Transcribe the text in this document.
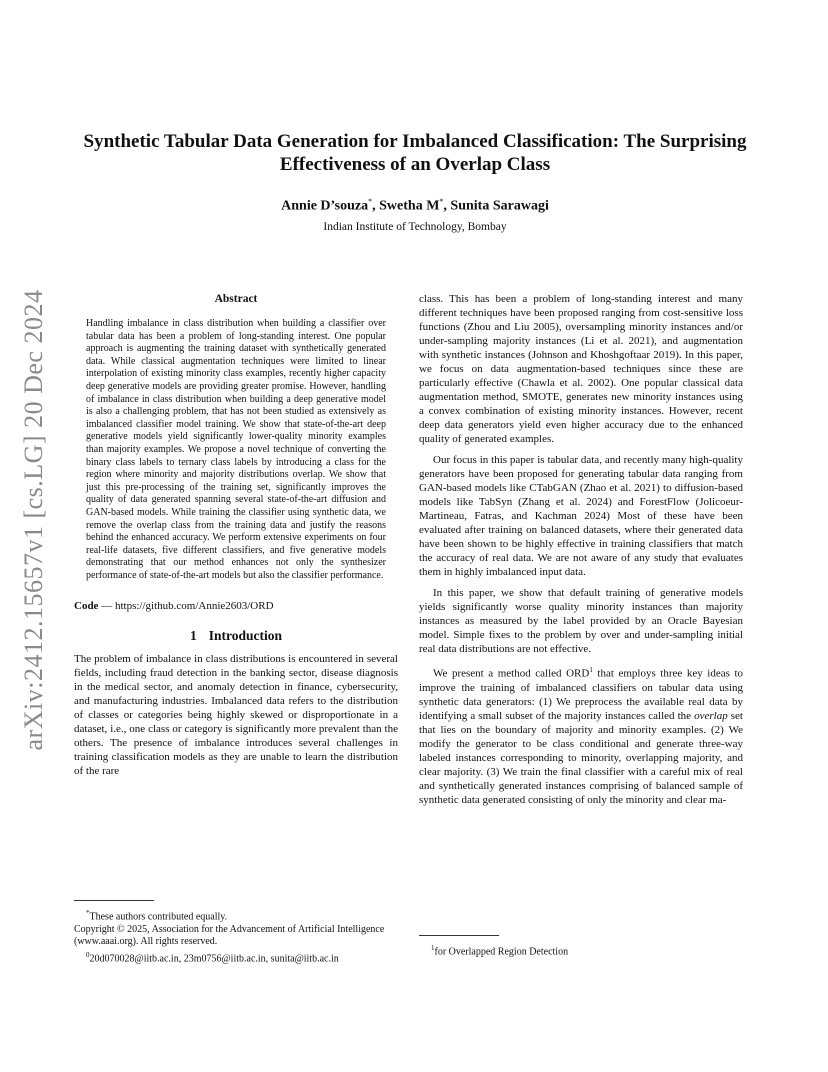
arXiv:2412.15657v1 [cs.LG] 20 Dec 2024
Synthetic Tabular Data Generation for Imbalanced Classification: The Surprising Effectiveness of an Overlap Class

Annie D’souza*, Swetha M*, Sunita Sarawagi

Indian Institute of Technology, Bombay

Abstract

Handling imbalance in class distribution when building a classifier over tabular data has been a problem of long-standing interest. One popular approach is augmenting the training dataset with synthetically generated data. While classical augmentation techniques were limited to linear interpolation of existing minority class examples, recently higher capacity deep generative models are providing greater promise. However, handling of imbalance in class distribution when building a deep generative model is also a challenging problem, that has not been studied as extensively as imbalanced classifier model training. We show that state-of-the-art deep generative models yield significantly lower-quality minority examples than majority examples. We propose a novel technique of converting the binary class labels to ternary class labels by introducing a class for the region where minority and majority distributions overlap. We show that just this pre-processing of the training set, significantly improves the quality of data generated spanning several state-of-the-art diffusion and GAN-based models. While training the classifier using synthetic data, we remove the overlap class from the training data and justify the reasons behind the enhanced accuracy. We perform extensive experiments on four real-life datasets, five different classifiers, and five generative models demonstrating that our method enhances not only the synthesizer performance of state-of-the-art models but also the classifier performance.

Code — https://github.com/Annie2603/ORD

1 Introduction

The problem of imbalance in class distributions is encountered in several fields, including fraud detection in the banking sector, disease diagnosis in the medical sector, and anomaly detection in finance, cybersecurity, and manufacturing industries. Imbalanced data refers to the distribution of classes or categories being highly skewed or disproportionate in a dataset, i.e., one class or category is significantly more prevalent than the others. The presence of imbalance introduces several challenges in training classification models as they are unable to learn the distribution of the rare

*These authors contributed equally.

Copyright © 2025, Association for the Advancement of Artificial Intelligence (www.aaai.org). All rights reserved.

$^0$20d070028@iitb.ac.in, 23m0756@iitb.ac.in, sunita@iitb.ac.in

class. This has been a problem of long-standing interest and many different techniques have been proposed ranging from cost-sensitive loss functions (Zhou and Liu 2005), oversampling minority instances and/or under-sampling majority instances (Li et al. 2021), and augmentation with synthetic instances (Johnson and Khoshgoftaar 2019). In this paper, we focus on data augmentation-based techniques since these are particularly effective (Chawla et al. 2002). One popular classical data augmentation method, SMOTE, generates new minority instances using a convex combination of existing minority instances. However, recent deep data generators yield even higher accuracy due to the enhanced quality of generated examples.

Our focus in this paper is tabular data, and recently many high-quality generators have been proposed for generating tabular data ranging from GAN-based models like CTabGAN (Zhao et al. 2021) to diffusion-based models like TabSyn (Zhang et al. 2024) and ForestFlow (Jolicoeur-Martineau, Fatras, and Kachman 2024) Most of these have been evaluated after training on balanced datasets, where their generated data have been shown to be highly effective in training classifiers that match the accuracy of real data. We are not aware of any study that evaluates them in highly imbalanced input data.

In this paper, we show that default training of generative models yields significantly worse quality minority instances than majority instances as measured by the label provided by an Oracle Bayesian model. Simple fixes to the problem by over and under-sampling initial real data distributions are not effective.

We present a method called ORD$^1$ that employs three key ideas to improve the training of imbalanced classifiers on tabular data using synthetic data generators: (1) We preprocess the available real data by identifying a small subset of the majority instances called the overlap set that lies on the boundary of majority and minority examples. (2) We modify the generator to be class conditional and generate three-way labeled instances corresponding to minority, overlapping majority, and clear majority. (3) We train the final classifier with a careful mix of real and synthetically generated instances comprising of balanced sample of synthetic data generated consisting of only the minority and clear ma-

$^1$for Overlapped Region Detection
